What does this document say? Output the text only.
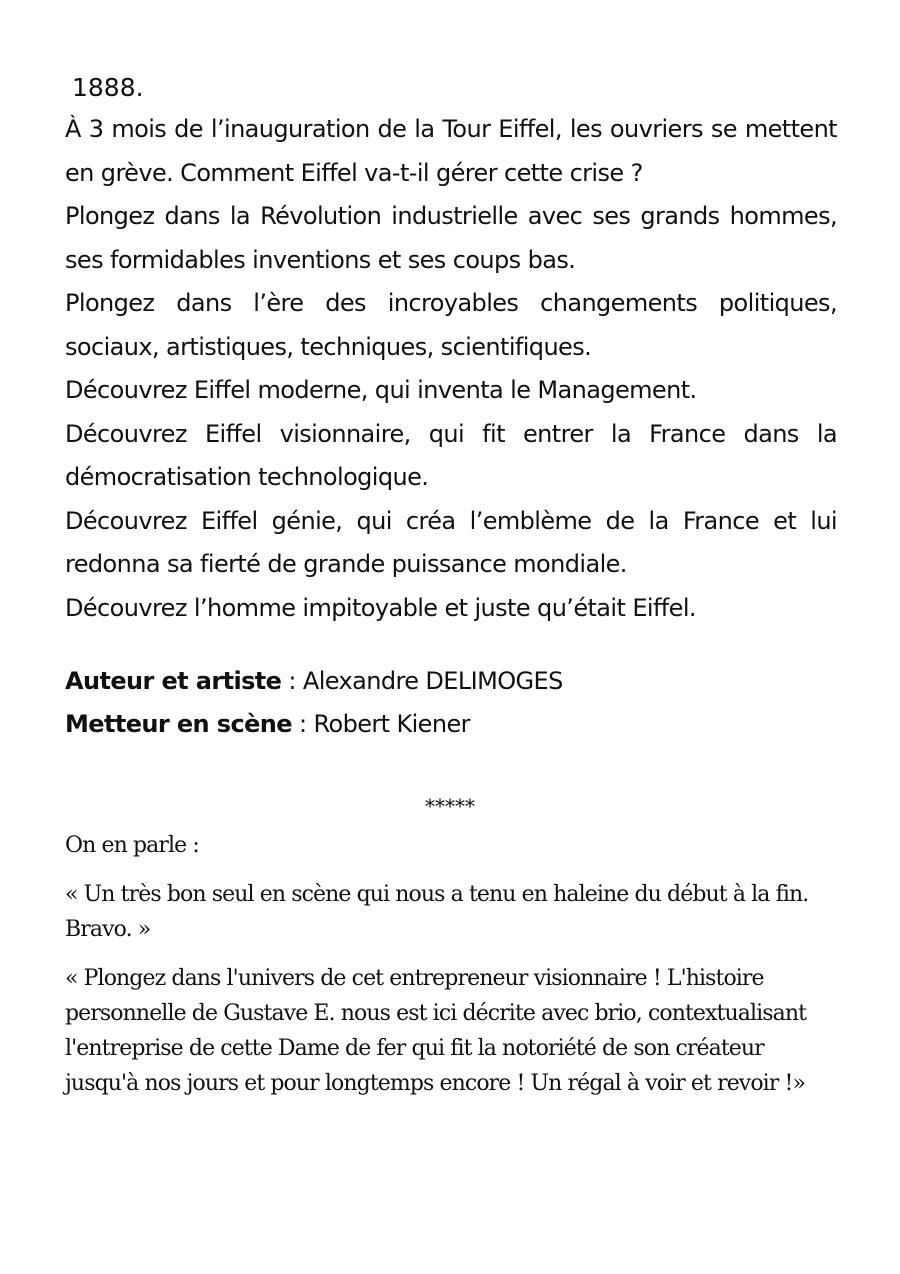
1888.

À 3 mois de l’inauguration de la Tour Eiffel, les ouvriers se mettent en grève. Comment Eiffel va-t-il gérer cette crise ?

Plongez dans la Révolution industrielle avec ses grands hommes, ses formidables inventions et ses coups bas.

Plongez dans l’ère des incroyables changements politiques, sociaux, artistiques, techniques, scientifiques.

Découvrez Eiffel moderne, qui inventa le Management.

Découvrez Eiffel visionnaire, qui fit entrer la France dans la démocratisation technologique.

Découvrez Eiffel génie, qui créa l’emblème de la France et lui redonna sa fierté de grande puissance mondiale.

Découvrez l’homme impitoyable et juste qu’était Eiffel.

Auteur et artiste : Alexandre DELIMOGES

Metteur en scène : Robert Kiener

*****

On en parle :

« Un très bon seul en scène qui nous a tenu en haleine du début à la fin. Bravo. »

« Plongez dans l'univers de cet entrepreneur visionnaire ! L'histoire personnelle de Gustave E. nous est ici décrite avec brio, contextualisant l'entreprise de cette Dame de fer qui fit la notoriété de son créateur jusqu'à nos jours et pour longtemps encore ! Un régal à voir et revoir !»
